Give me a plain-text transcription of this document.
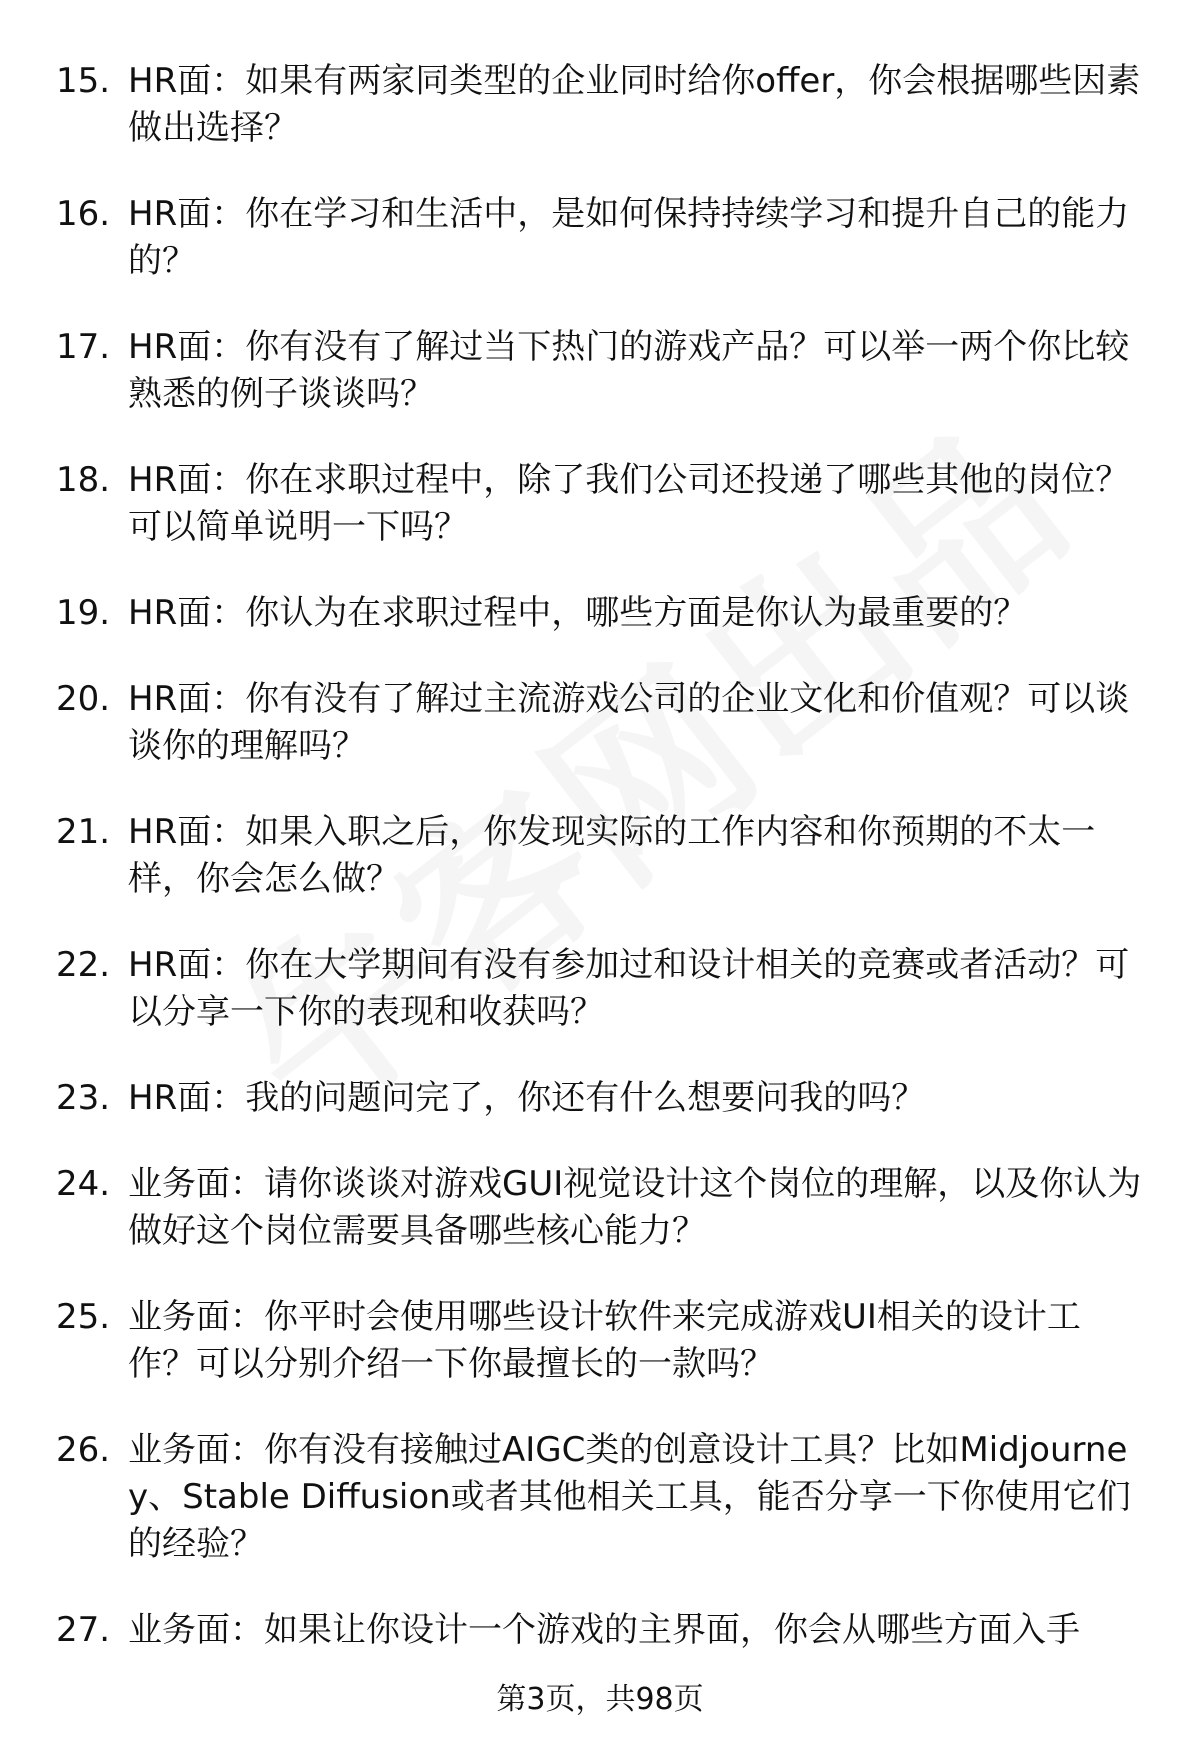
15. HR面：如果有两家同类型的企业同时给你offer，你会根据哪些因素做出选择？
16. HR面：你在学习和生活中，是如何保持持续学习和提升自己的能力的？
17. HR面：你有没有了解过当下热门的游戏产品？可以举一两个你比较熟悉的例子谈谈吗？
18. HR面：你在求职过程中，除了我们公司还投递了哪些其他的岗位？可以简单说明一下吗？
19. HR面：你认为在求职过程中，哪些方面是你认为最重要的？
20. HR面：你有没有了解过主流游戏公司的企业文化和价值观？可以谈谈你的理解吗？
21. HR面：如果入职之后，你发现实际的工作内容和你预期的不太一样，你会怎么做？
22. HR面：你在大学期间有没有参加过和设计相关的竞赛或者活动？可以分享一下你的表现和收获吗？
23. HR面：我的问题问完了，你还有什么想要问我的吗？
24. 业务面：请你谈谈对游戏GUI视觉设计这个岗位的理解，以及你认为做好这个岗位需要具备哪些核心能力？
25. 业务面：你平时会使用哪些设计软件来完成游戏UI相关的设计工作？可以分别介绍一下你最擅长的一款吗？
26. 业务面：你有没有接触过AIGC类的创意设计工具？比如Midjourney、Stable Diffusion或者其他相关工具，能否分享一下你使用它们的经验？
27. 业务面：如果让你设计一个游戏的主界面，你会从哪些方面入手
第3页，共98页
